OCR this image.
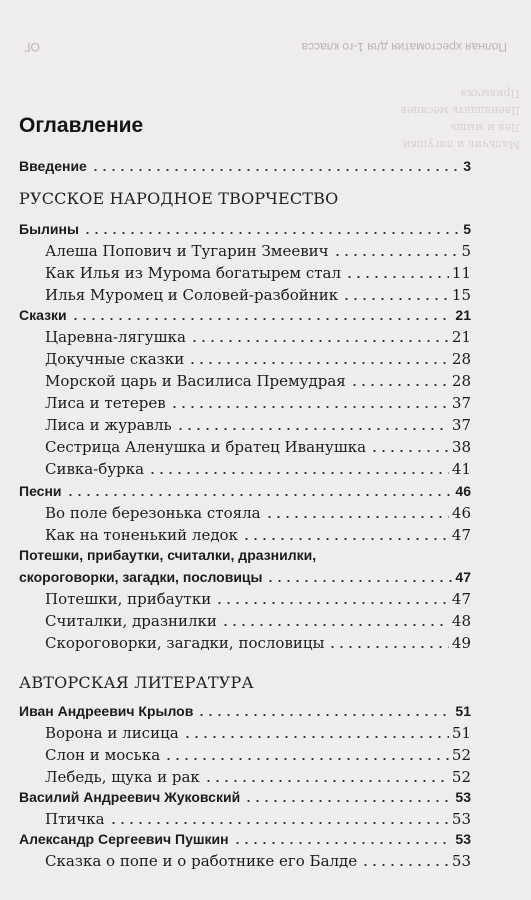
Полная хрестоматия для 1-го класса
ОГ
Мальчик и лягушки
Лев и мышь
Двенадцать месяцев
Привычка
Оглавление
Введение	3
РУССКОЕ НАРОДНОЕ ТВОРЧЕСТВО
Былины	5
Алеша Попович и Тугарин Змеевич	5
Как Илья из Мурома богатырем стал	11
Илья Муромец и Соловей-разбойник	15
Сказки	21
Царевна-лягушка	21
Докучные сказки	28
Морской царь и Василиса Премудрая	28
Лиса и тетерев	37
Лиса и журавль	37
Сестрица Аленушка и братец Иванушка	38
Сивка-бурка	41
Песни	46
Во поле березонька стояла	46
Как на тоненький ледок	47
Потешки, прибаутки, считалки, дразнилки,
скороговорки, загадки, пословицы	47
Потешки, прибаутки	47
Считалки, дразнилки	48
Скороговорки, загадки, пословицы	49
АВТОРСКАЯ ЛИТЕРАТУРА
Иван Андреевич Крылов	51
Ворона и лисица	51
Слон и моська	52
Лебедь, щука и рак	52
Василий Андреевич Жуковский	53
Птичка	53
Александр Сергеевич Пушкин	53
Сказка о попе и о работнике его Балде	53
